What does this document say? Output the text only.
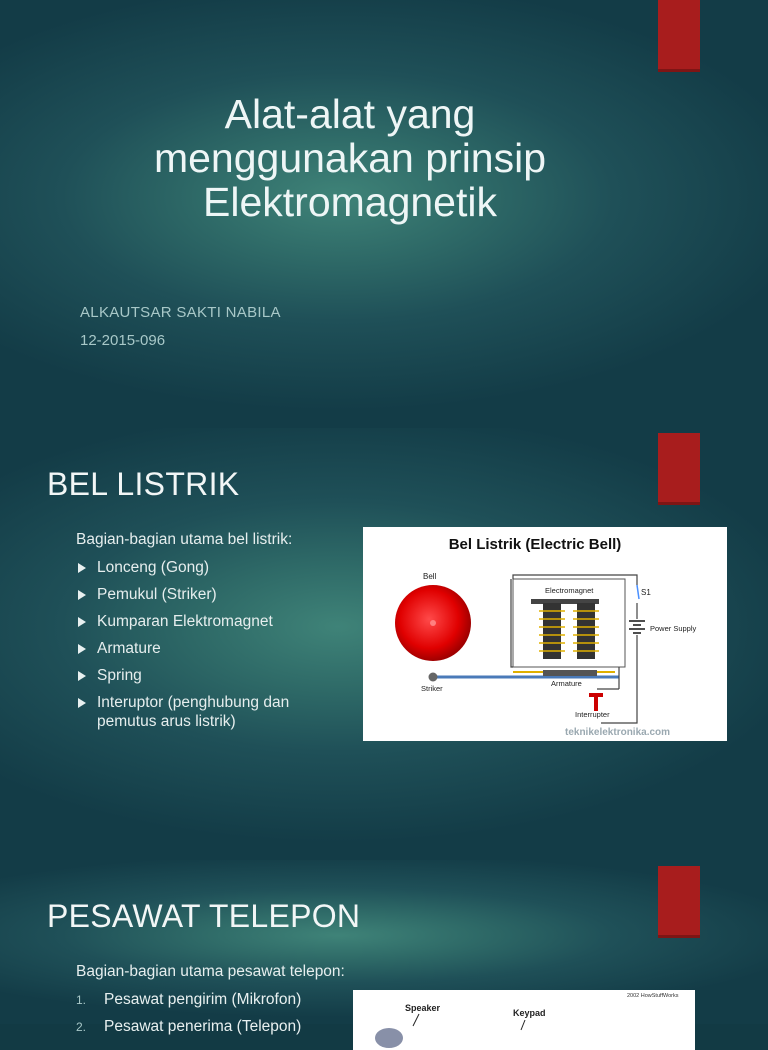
Alat-alat yang
menggunakan prinsip
Elektromagnetik
ALKAUTSAR SAKTI NABILA
12-2015-096
BEL LISTRIK
Bagian-bagian utama bel listrik:
Lonceng (Gong)
Pemukul (Striker)
Kumparan Elektromagnet
Armature
Spring
Interuptor (penghubung dan pemutus arus listrik)
Bel Listrik (Electric Bell)
Bell
Striker
Electromagnet	S1
Power Supply
Armature
Interrupter
teknikelektronika.com
PESAWAT TELEPON
Bagian-bagian utama pesawat telepon:
1. Pesawat pengirim (Mikrofon)
2. Pesawat penerima (Telepon)
2002 HowStuffWorks
Speaker	Keypad
